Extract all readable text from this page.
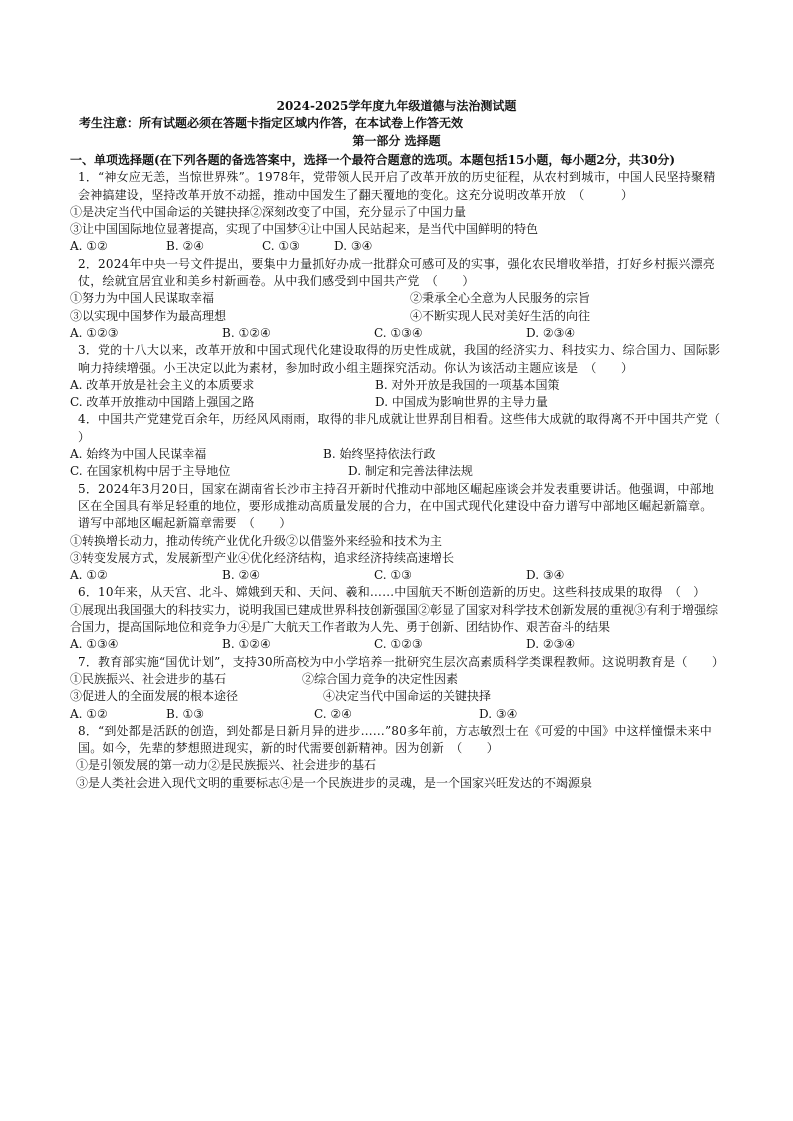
2024-2025学年度九年级道德与法治测试题
考生注意：所有试题必须在答题卡指定区域内作答，在本试卷上作答无效
第一部分 选择题

一、单项选择题(在下列各题的备选答案中，选择一个最符合题意的选项。本题包括15小题，每小题2分，共30分)

1．“神女应无恙，当惊世界殊”。1978年，党带领人民开启了改革开放的历史征程，从农村到城市，中国人民坚持聚精会神搞建设，坚持改革开放不动摇，推动中国发生了翻天覆地的变化。这充分说明改革开放　（　　　）

①是决定当代中国命运的关键抉择②深刻改变了中国，充分显示了中国力量

③让中国国际地位显著提高，实现了中国梦④让中国人民站起来，是当代中国鲜明的特色

A. ①②	B. ②④	C. ①③	D. ③④

2．2024年中央一号文件提出，要集中力量抓好办成一批群众可感可及的实事，强化农民增收举措，打好乡村振兴漂亮仗，绘就宜居宜业和美乡村新画卷。从中我们感受到中国共产党　（　　）

①努力为中国人民谋取幸福	②秉承全心全意为人民服务的宗旨
③以实现中国梦作为最高理想	④不断实现人民对美好生活的向往
A. ①②③	B. ①②④	C. ①③④	D. ②③④

3．党的十八大以来，改革开放和中国式现代化建设取得的历史性成就，我国的经济实力、科技实力、综合国力、国际影响力持续增强。小王决定以此为素材，参加时政小组主题探究活动。你认为该活动主题应该是　（　　）

A. 改革开放是社会主义的本质要求	B. 对外开放是我国的一项基本国策
C. 改革开放推动中国踏上强国之路	D. 中国成为影响世界的主导力量

4．中国共产党建党百余年，历经风风雨雨，取得的非凡成就让世界刮目相看。这些伟大成就的取得离不开中国共产党（　　）

A. 始终为中国人民谋幸福	B. 始终坚持依法行政
C. 在国家机构中居于主导地位	D. 制定和完善法律法规

5．2024年3月20日，国家在湖南省长沙市主持召开新时代推动中部地区崛起座谈会并发表重要讲话。他强调，中部地区在全国具有举足轻重的地位，要形成推动高质量发展的合力，在中国式现代化建设中奋力谱写中部地区崛起新篇章。谱写中部地区崛起新篇章需要　（　　）

①转换增长动力，推动传统产业优化升级②以借鉴外来经验和技术为主

③转变发展方式，发展新型产业④优化经济结构，追求经济持续高速增长

A. ①②	B. ②④	C. ①③	D. ③④

6．10年来，从天宫、北斗、嫦娥到天和、天问、羲和……中国航天不断创造新的历史。这些科技成果的取得　（　）

①展现出我国强大的科技实力，说明我国已建成世界科技创新强国②彰显了国家对科学技术创新发展的重视③有利于增强综合国力，提高国际地位和竞争力④是广大航天工作者敢为人先、勇于创新、团结协作、艰苦奋斗的结果

A. ①③④	B. ①②④	C. ①②③	D. ②③④

7．教育部实施“国优计划”，支持30所高校为中小学培养一批研究生层次高素质科学类课程教师。这说明教育是（　　）

①民族振兴、社会进步的基石	②综合国力竞争的决定性因素
③促进人的全面发展的根本途径	④决定当代中国命运的关键抉择
A. ①②	B. ①③	C. ②④	D. ③④

8．“到处都是活跃的创造，到处都是日新月异的进步……”80多年前，方志敏烈士在《可爱的中国》中这样憧憬未来中国。如今，先辈的梦想照进现实，新的时代需要创新精神。因为创新　（　　）

①是引领发展的第一动力②是民族振兴、社会进步的基石

③是人类社会进入现代文明的重要标志④是一个民族进步的灵魂，是一个国家兴旺发达的不竭源泉
